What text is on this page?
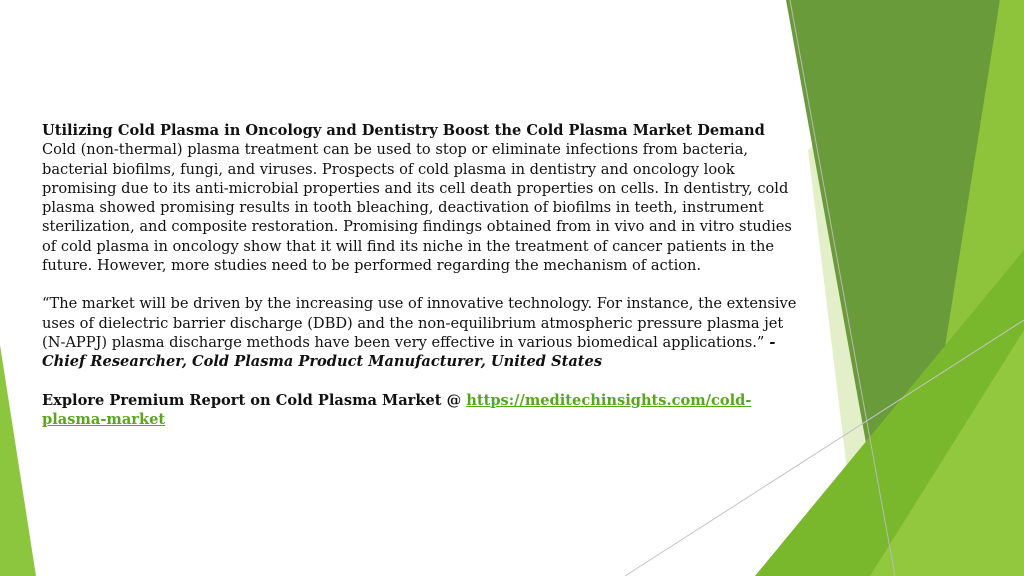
Utilizing Cold Plasma in Oncology and Dentistry Boost the Cold Plasma Market Demand

Cold (non-thermal) plasma treatment can be used to stop or eliminate infections from bacteria, bacterial biofilms, fungi, and viruses. Prospects of cold plasma in dentistry and oncology look promising due to its anti-microbial properties and its cell death properties on cells. In dentistry, cold plasma showed promising results in tooth bleaching, deactivation of biofilms in teeth, instrument sterilization, and composite restoration. Promising findings obtained from in vivo and in vitro studies of cold plasma in oncology show that it will find its niche in the treatment of cancer patients in the future. However, more studies need to be performed regarding the mechanism of action.

“The market will be driven by the increasing use of innovative technology. For instance, the extensive uses of dielectric barrier discharge (DBD) and the non-equilibrium atmospheric pressure plasma jet (N-APPJ) plasma discharge methods have been very effective in various biomedical applications.” - Chief Researcher, Cold Plasma Product Manufacturer, United States

Explore Premium Report on Cold Plasma Market @ https://meditechinsights.com/cold-plasma-market
